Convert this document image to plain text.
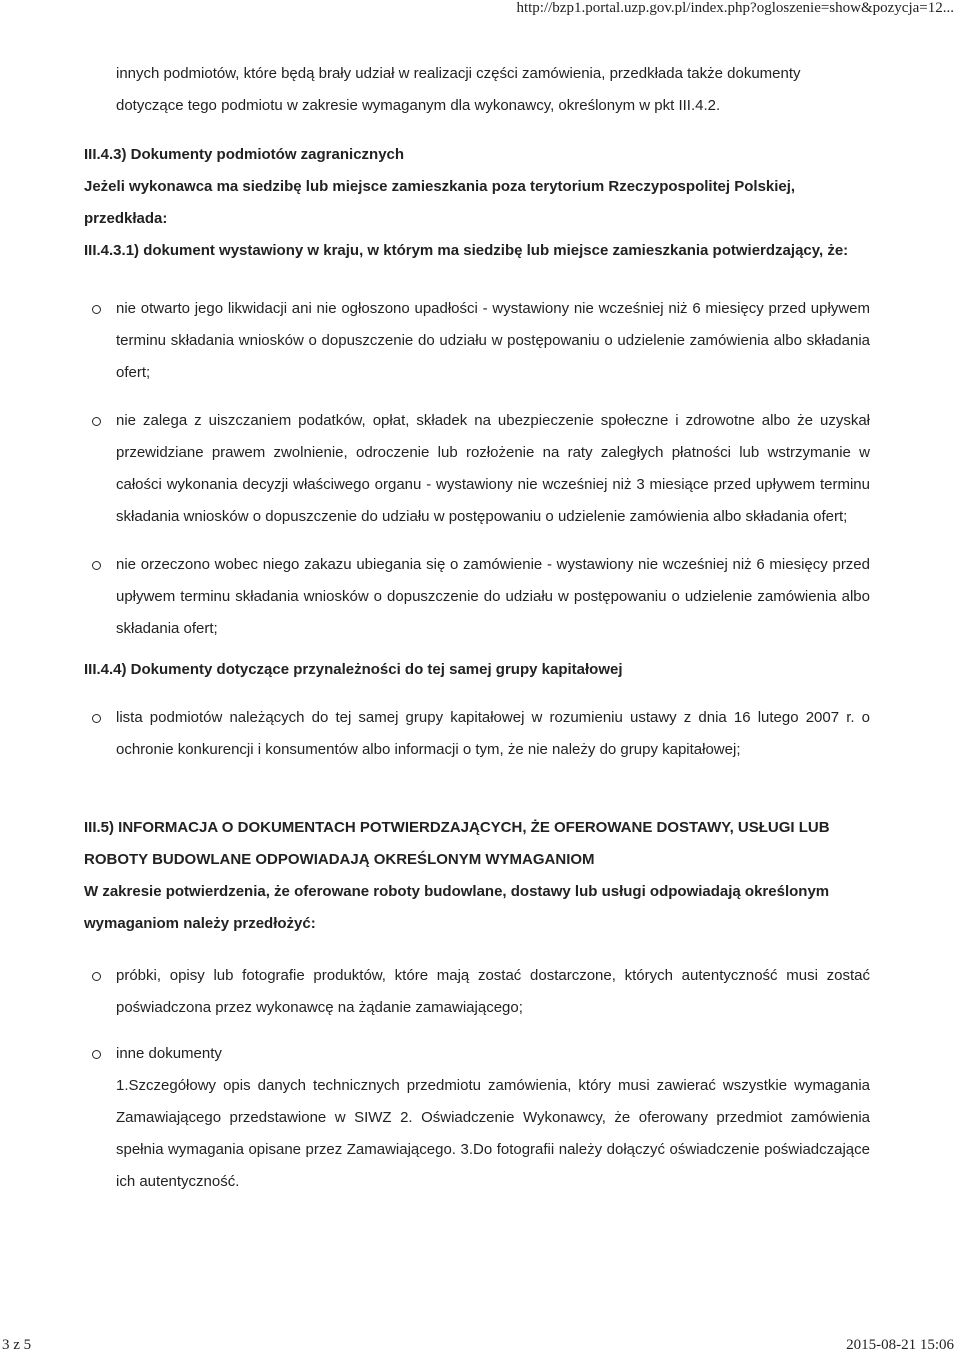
http://bzp1.portal.uzp.gov.pl/index.php?ogloszenie=show&pozycja=12...

innych podmiotów, które będą brały udział w realizacji części zamówienia, przedkłada także dokumenty dotyczące tego podmiotu w zakresie wymaganym dla wykonawcy, określonym w pkt III.4.2.

III.4.3) Dokumenty podmiotów zagranicznych

Jeżeli wykonawca ma siedzibę lub miejsce zamieszkania poza terytorium Rzeczypospolitej Polskiej, przedkłada:

III.4.3.1) dokument wystawiony w kraju, w którym ma siedzibę lub miejsce zamieszkania potwierdzający, że:

nie otwarto jego likwidacji ani nie ogłoszono upadłości - wystawiony nie wcześniej niż 6 miesięcy przed upływem terminu składania wniosków o dopuszczenie do udziału w postępowaniu o udzielenie zamówienia albo składania ofert;
nie zalega z uiszczaniem podatków, opłat, składek na ubezpieczenie społeczne i zdrowotne albo że uzyskał przewidziane prawem zwolnienie, odroczenie lub rozłożenie na raty zaległych płatności lub wstrzymanie w całości wykonania decyzji właściwego organu - wystawiony nie wcześniej niż 3 miesiące przed upływem terminu składania wniosków o dopuszczenie do udziału w postępowaniu o udzielenie zamówienia albo składania ofert;
nie orzeczono wobec niego zakazu ubiegania się o zamówienie - wystawiony nie wcześniej niż 6 miesięcy przed upływem terminu składania wniosków o dopuszczenie do udziału w postępowaniu o udzielenie zamówienia albo składania ofert;

III.4.4) Dokumenty dotyczące przynależności do tej samej grupy kapitałowej

lista podmiotów należących do tej samej grupy kapitałowej w rozumieniu ustawy z dnia 16 lutego 2007 r. o ochronie konkurencji i konsumentów albo informacji o tym, że nie należy do grupy kapitałowej;

III.5) INFORMACJA O DOKUMENTACH POTWIERDZAJĄCYCH, ŻE OFEROWANE DOSTAWY, USŁUGI LUB ROBOTY BUDOWLANE ODPOWIADAJĄ OKREŚLONYM WYMAGANIOM

W zakresie potwierdzenia, że oferowane roboty budowlane, dostawy lub usługi odpowiadają określonym wymaganiom należy przedłożyć:

próbki, opisy lub fotografie produktów, które mają zostać dostarczone, których autentyczność musi zostać poświadczona przez wykonawcę na żądanie zamawiającego;
inne dokumenty
1.Szczegółowy opis danych technicznych przedmiotu zamówienia, który musi zawierać wszystkie wymagania Zamawiającego przedstawione w SIWZ 2. Oświadczenie Wykonawcy, że oferowany przedmiot zamówienia spełnia wymagania opisane przez Zamawiającego. 3.Do fotografii należy dołączyć oświadczenie poświadczające ich autentyczność.
3 z 5	2015-08-21 15:06
